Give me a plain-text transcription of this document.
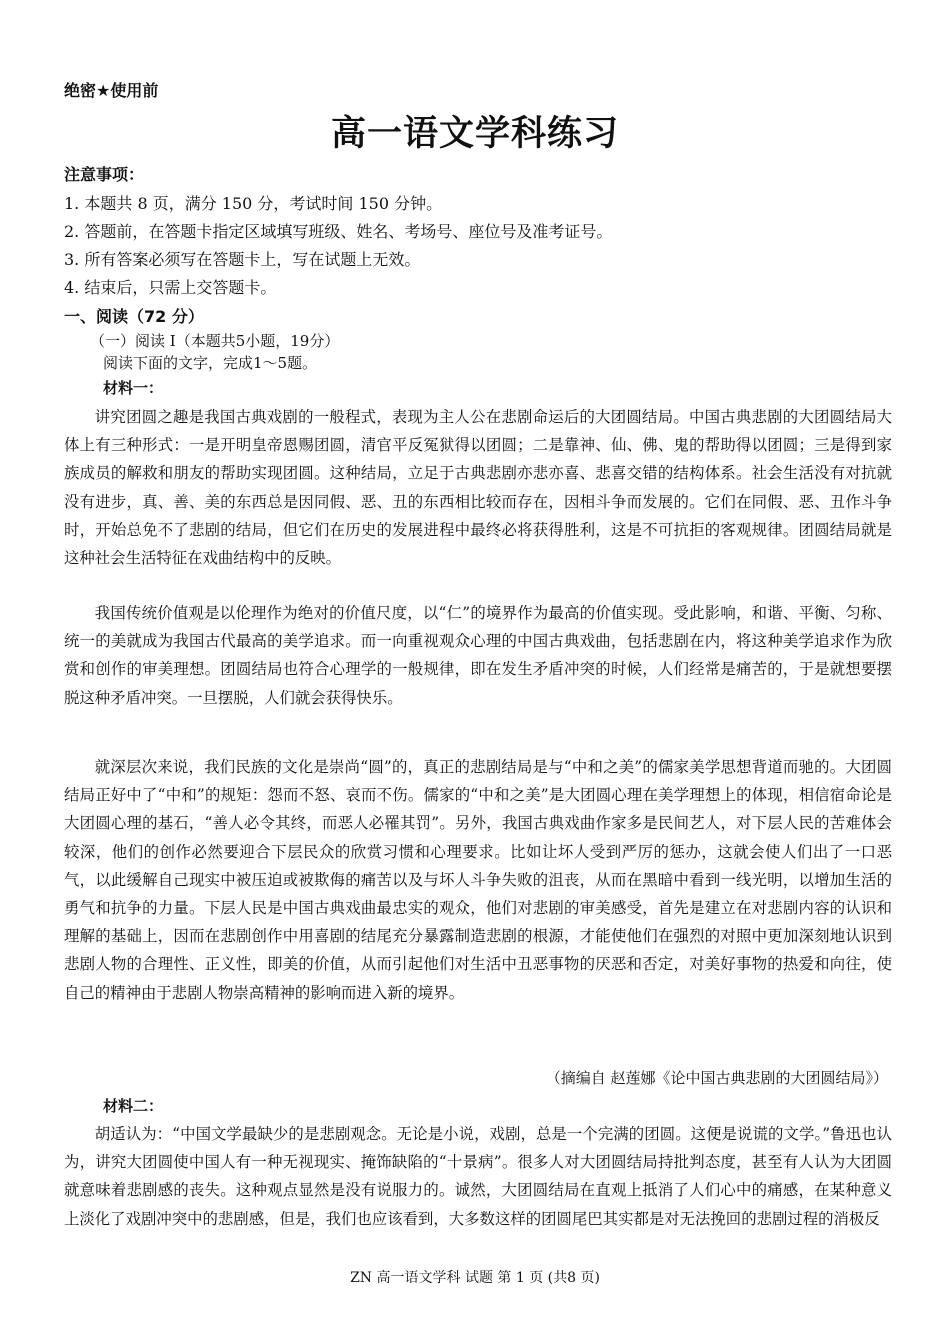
绝密★使用前
高一语文学科练习
注意事项：
1. 本题共 8 页，满分 150 分，考试时间 150 分钟。
2. 答题前，在答题卡指定区域填写班级、姓名、考场号、座位号及准考证号。
3. 所有答案必须写在答题卡上，写在试题上无效。
4. 结束后，只需上交答题卡。
一、阅读（72 分）
（一）阅读 Ⅰ（本题共5小题，19分）
阅读下面的文字，完成1～5题。
材料一：

讲究团圆之趣是我国古典戏剧的一般程式，表现为主人公在悲剧命运后的大团圆结局。中国古典悲剧的大团圆结局大体上有三种形式：一是开明皇帝恩赐团圆，清官平反冤狱得以团圆；二是靠神、仙、佛、鬼的帮助得以团圆；三是得到家族成员的解救和朋友的帮助实现团圆。这种结局，立足于古典悲剧亦悲亦喜、悲喜交错的结构体系。社会生活没有对抗就没有进步，真、善、美的东西总是因同假、恶、丑的东西相比较而存在，因相斗争而发展的。它们在同假、恶、丑作斗争时，开始总免不了悲剧的结局，但它们在历史的发展进程中最终必将获得胜利，这是不可抗拒的客观规律。团圆结局就是这种社会生活特征在戏曲结构中的反映。

我国传统价值观是以伦理作为绝对的价值尺度，以“仁”的境界作为最高的价值实现。受此影响，和谐、平衡、匀称、统一的美就成为我国古代最高的美学追求。而一向重视观众心理的中国古典戏曲，包括悲剧在内，将这种美学追求作为欣赏和创作的审美理想。团圆结局也符合心理学的一般规律，即在发生矛盾冲突的时候，人们经常是痛苦的，于是就想要摆脱这种矛盾冲突。一旦摆脱，人们就会获得快乐。

就深层次来说，我们民族的文化是崇尚“圆”的，真正的悲剧结局是与“中和之美”的儒家美学思想背道而驰的。大团圆结局正好中了“中和”的规矩：怨而不怒、哀而不伤。儒家的“中和之美”是大团圆心理在美学理想上的体现，相信宿命论是大团圆心理的基石，“善人必令其终，而恶人必罹其罚”。另外，我国古典戏曲作家多是民间艺人，对下层人民的苦难体会较深，他们的创作必然要迎合下层民众的欣赏习惯和心理要求。比如让坏人受到严厉的惩办，这就会使人们出了一口恶气，以此缓解自己现实中被压迫或被欺侮的痛苦以及与坏人斗争失败的沮丧，从而在黑暗中看到一线光明，以增加生活的勇气和抗争的力量。下层人民是中国古典戏曲最忠实的观众，他们对悲剧的审美感受，首先是建立在对悲剧内容的认识和理解的基础上，因而在悲剧创作中用喜剧的结尾充分暴露制造悲剧的根源，才能使他们在强烈的对照中更加深刻地认识到悲剧人物的合理性、正义性，即美的价值，从而引起他们对生活中丑恶事物的厌恶和否定，对美好事物的热爱和向往，使自己的精神由于悲剧人物崇高精神的影响而进入新的境界。

（摘编自 赵莲娜《论中国古典悲剧的大团圆结局》）
材料二：

胡适认为：“中国文学最缺少的是悲剧观念。无论是小说，戏剧，总是一个完满的团圆。这便是说谎的文学。”鲁迅也认为，讲究大团圆使中国人有一种无视现实、掩饰缺陷的“十景病”。很多人对大团圆结局持批判态度，甚至有人认为大团圆就意味着悲剧感的丧失。这种观点显然是没有说服力的。诚然，大团圆结局在直观上抵消了人们心中的痛感，在某种意义上淡化了戏剧冲突中的悲剧感，但是，我们也应该看到，大多数这样的团圆尾巴其实都是对无法挽回的悲剧过程的消极反

ZN 高一语文学科 试题 第 1 页 (共8 页)
